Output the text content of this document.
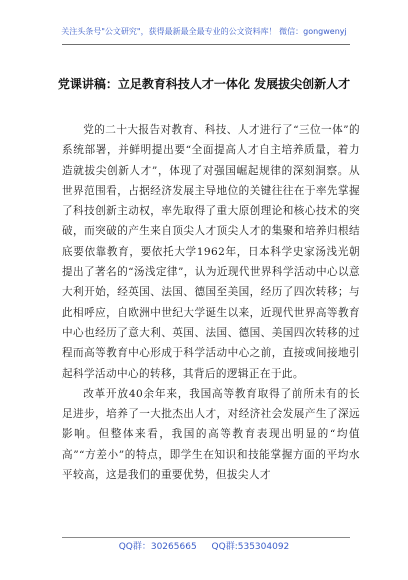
关注头条号"公文研究"，获得最新最全最专业的公文资料库！ 微信：gongwenyj
党课讲稿：立足教育科技人才一体化 发展拔尖创新人才

党的二十大报告对教育、科技、人才进行了“三位一体”的系统部署，并鲜明提出要“全面提高人才自主培养质量，着力造就拔尖创新人才”，体现了对强国崛起规律的深刻洞察。从世界范围看，占据经济发展主导地位的关键往往在于率先掌握了科技创新主动权，率先取得了重大原创理论和核心技术的突破，而突破的产生来自顶尖人才顶尖人才的集聚和培养归根结底要依靠教育，要依托大学1962年，日本科学史家汤浅光朝提出了著名的“汤浅定律”，认为近现代世界科学活动中心以意大利开始，经英国、法国、德国至美国，经历了四次转移；与此相呼应，自欧洲中世纪大学诞生以来，近现代世界高等教育中心也经历了意大利、英国、法国、德国、美国四次转移的过程而高等教育中心形成于科学活动中心之前，直接或间接地引起科学活动中心的转移，其背后的逻辑正在于此。

改革开放40余年来，我国高等教育取得了前所未有的长足进步，培养了一大批杰出人才，对经济社会发展产生了深远影响。但整体来看，我国的高等教育表现出明显的“均值高”“方差小”的特点，即学生在知识和技能掌握方面的平均水平较高，这是我们的重要优势，但拔尖人才

QQ群：30265665 QQ群:535304092
